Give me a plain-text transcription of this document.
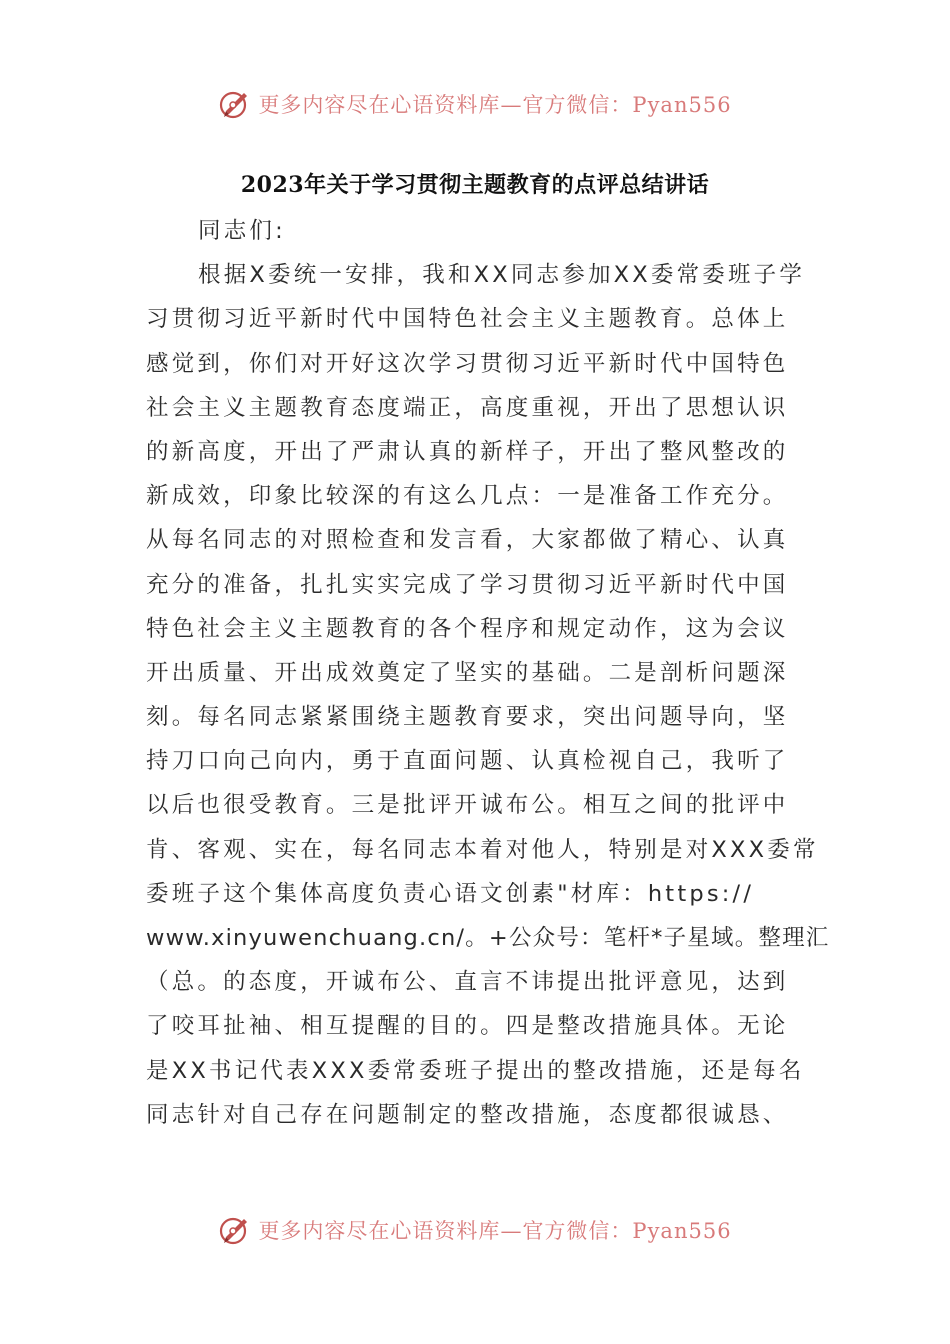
更多内容尽在心语资料库—官方微信：Pyan556
2023年关于学习贯彻主题教育的点评总结讲话
同志们:
根据X委统一安排，我和XX同志参加XX委常委班子学
习贯彻习近平新时代中国特色社会主义主题教育。总体上
感觉到，你们对开好这次学习贯彻习近平新时代中国特色
社会主义主题教育态度端正，高度重视，开出了思想认识
的新高度，开出了严肃认真的新样子，开出了整风整改的
新成效，印象比较深的有这么几点：一是准备工作充分。
从每名同志的对照检查和发言看，大家都做了精心、认真
充分的准备，扎扎实实完成了学习贯彻习近平新时代中国
特色社会主义主题教育的各个程序和规定动作，这为会议
开出质量、开出成效奠定了坚实的基础。二是剖析问题深
刻。每名同志紧紧围绕主题教育要求，突出问题导向，坚
持刀口向己向内，勇于直面问题、认真检视自己，我听了
以后也很受教育。三是批评开诚布公。相互之间的批评中
肯、客观、实在，每名同志本着对他人，特别是对XXX委常
委班子这个集体高度负责心语文创素"材库：https://
www.xinyuwenchuang.cn/。+公众号：笔杆*子星域。整理汇
（总。的态度，开诚布公、直言不讳提出批评意见，达到
了咬耳扯袖、相互提醒的目的。四是整改措施具体。无论
是XX书记代表XXX委常委班子提出的整改措施，还是每名
同志针对自己存在问题制定的整改措施，态度都很诚恳、
更多内容尽在心语资料库—官方微信：Pyan556
